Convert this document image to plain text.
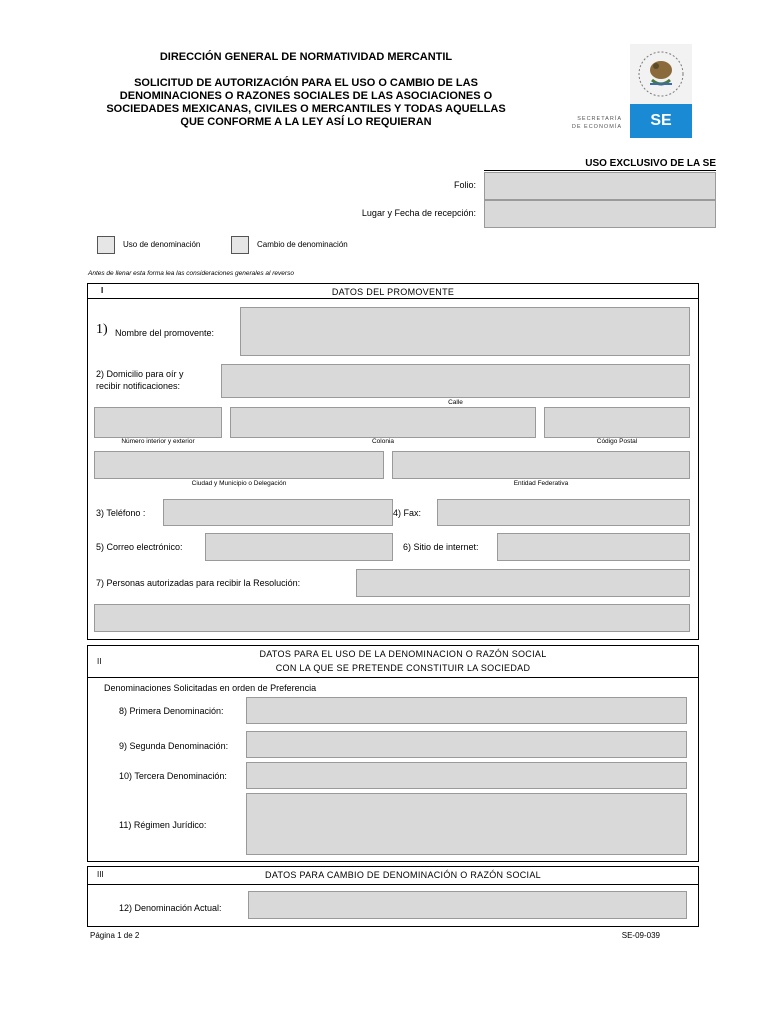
DIRECCIÓN GENERAL DE NORMATIVIDAD MERCANTIL
SOLICITUD DE AUTORIZACIÓN PARA EL USO O CAMBIO DE LAS
DENOMINACIONES O RAZONES SOCIALES DE LAS ASOCIACIONES O
SOCIEDADES MEXICANAS, CIVILES O MERCANTILES Y TODAS AQUELLAS
QUE CONFORME A LA LEY ASÍ LO REQUIERAN	SE
SECRETARÍA
DE ECONOMÍA
USO EXCLUSIVO DE LA SE
Folio:
Lugar y Fecha de recepción:
Uso de denominación	Cambio de denominación
Antes de llenar esta forma lea las consideraciones generales al reverso
I	DATOS DEL PROMOVENTE
1) Nombre del promovente:
2) Domicilio para oír y
recibir notificaciones:
Calle
Número interior y exterior	Colonia	Código Postal
Ciudad y Municipio o Delegación	Entidad Federativa
3) Teléfono :	4) Fax:
5) Correo electrónico:	6) Sitio de internet:
7) Personas autorizadas para recibir la Resolución:
II
DATOS PARA EL USO DE LA DENOMINACION O RAZÓN SOCIAL
CON LA QUE SE PRETENDE CONSTITUIR LA SOCIEDAD
Denominaciones Solicitadas en orden de Preferencia
8) Primera Denominación:
9) Segunda Denominación:
10) Tercera Denominación:
11) Régimen Jurídico:
III	DATOS PARA CAMBIO DE DENOMINACIÓN O RAZÓN SOCIAL
12) Denominación Actual:
Página 1 de 2	SE-09-039
